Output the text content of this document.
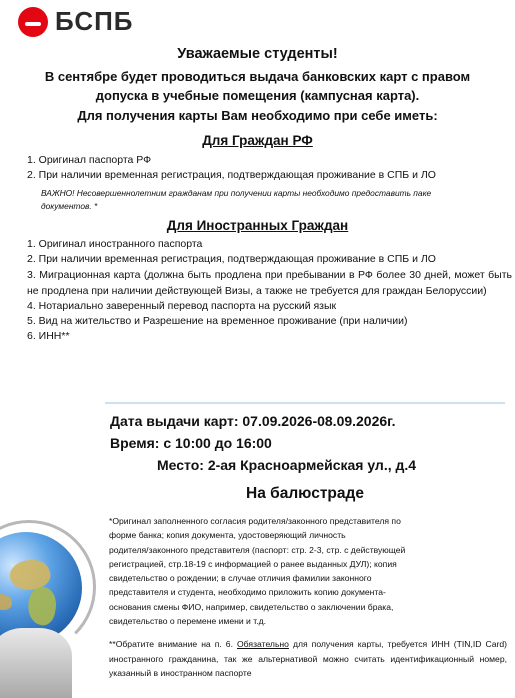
БСПБ
Уважаемые студенты!
В сентябре будет проводиться выдача банковских карт с правом
допуска в учебные помещения (кампусная карта).
Для получения карты Вам необходимо при себе иметь:
Для Граждан РФ
1. Оригинал паспорта РФ
2. При наличии временная регистрация, подтверждающая проживание в СПБ и ЛО
ВАЖНО! Несовершеннолетним гражданам при получении карты необходимо предоставить паке
документов. *
Для Иностранных Граждан
1. Оригинал иностранного паспорта
2. При наличии временная регистрация, подтверждающая проживание в СПБ и ЛО
3. Миграционная карта (должна быть продлена при пребывании в РФ более 30 дней, может быть не продлена при наличии действующей Визы, а также не требуется для граждан Белоруссии)
4. Нотариально заверенный перевод паспорта на русский язык
5. Вид на жительство и Разрешение на временное проживание (при наличии)
6. ИНН**
Дата выдачи карт: 07.09.2026-08.09.2026г.
Время: с 10:00 до 16:00
Место: 2-ая Красноармейская ул., д.4
На балюстраде
*Оригинал заполненного согласия родителя/законного представителя по
форме банка; копия документа, удостоверяющий личность
родителя/законного представителя (паспорт: стр. 2-3, стр. с действующей
регистрацией, стр.18-19 с информацией о ранее выданных ДУЛ); копия
свидетельство о рождении; в случае отличия фамилии законного
представителя и студента, необходимо приложить копию документа-
основания смены ФИО, например, свидетельство о заключении брака,
свидетельство о перемене имени и т.д.
**Обратите внимание на п. 6. Обязательно для получения карты, требуется ИНН (TIN,ID Card) иностранного гражданина, так же альтернативой можно считать идентификационный номер, указанный в иностранном паспорте
